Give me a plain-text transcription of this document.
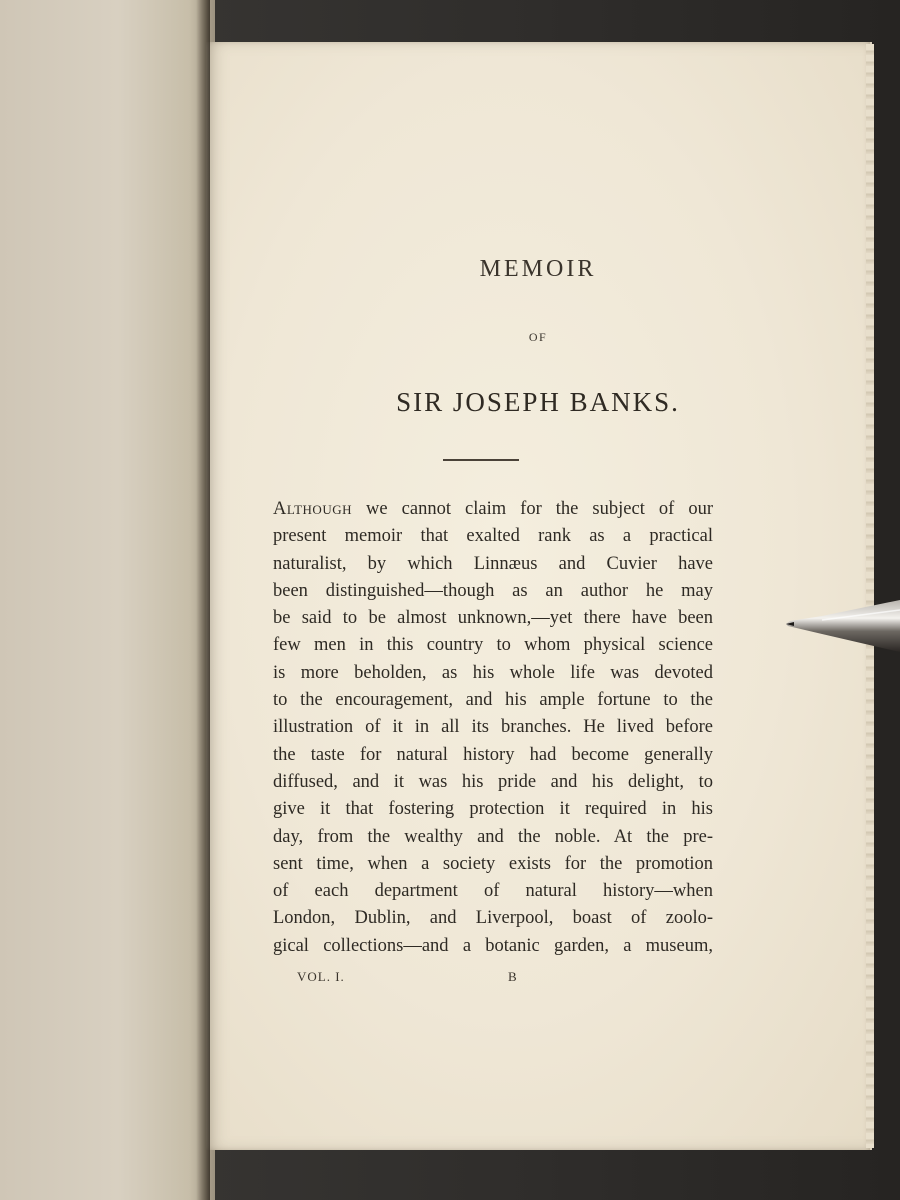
MEMOIR
OF
SIR JOSEPH BANKS.
Although we cannot claim for the subject of our
present memoir that exalted rank as a practical
naturalist, by which Linnæus and Cuvier have
been distinguished—though as an author he may
be said to be almost unknown,—yet there have been
few men in this country to whom physical science
is more beholden, as his whole life was devoted
to the encouragement, and his ample fortune to the
illustration of it in all its branches. He lived before
the taste for natural history had become generally
diffused, and it was his pride and his delight, to
give it that fostering protection it required in his
day, from the wealthy and the noble. At the pre-
sent time, when a society exists for the promotion
of each department of natural history—when
London, Dublin, and Liverpool, boast of zoolo-
gical collections—and a botanic garden, a museum,
VOL. I.	B
